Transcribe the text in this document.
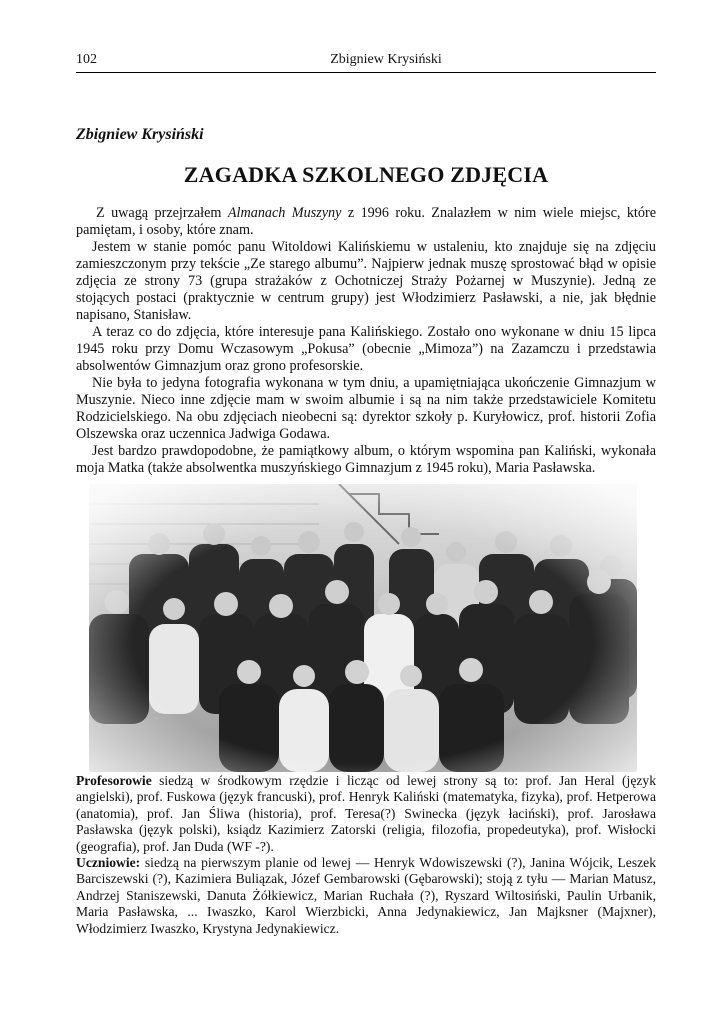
102	Zbigniew Krysiński
Zbigniew Krysiński
ZAGADKA SZKOLNEGO ZDJĘCIA

Z uwagą przejrzałem Almanach Muszyny z 1996 roku. Znalazłem w nim wiele miejsc, które pamiętam, i osoby, które znam.

Jestem w stanie pomóc panu Witoldowi Kalińskiemu w ustaleniu, kto znajduje się na zdjęciu zamieszczonym przy tekście „Ze starego albumu”. Najpierw jednak muszę sprostować błąd w opisie zdjęcia ze strony 73 (grupa strażaków z Ochotniczej Straży Pożarnej w Muszynie). Jedną ze stojących postaci (praktycznie w centrum grupy) jest Włodzimierz Pasławski, a nie, jak błędnie napisano, Stanisław.

A teraz co do zdjęcia, które interesuje pana Kalińskiego. Zostało ono wykonane w dniu 15 lipca 1945 roku przy Domu Wczasowym „Pokusa” (obecnie „Mimoza”) na Zazamczu i przedstawia absolwentów Gimnazjum oraz grono profesorskie.

Nie była to jedyna fotografia wykonana w tym dniu, a upamiętniająca ukończenie Gimnazjum w Muszynie. Nieco inne zdjęcie mam w swoim albumie i są na nim także przedstawiciele Komitetu Rodzicielskiego. Na obu zdjęciach nieobecni są: dyrektor szkoły p. Kuryłowicz, prof. historii Zofia Olszewska oraz uczennica Jadwiga Godawa.

Jest bardzo prawdopodobne, że pamiątkowy album, o którym wspomina pan Kaliński, wykonała moja Matka (także absolwentka muszyńskiego Gimnazjum z 1945 roku), Maria Pasławska.

Profesorowie siedzą w środkowym rzędzie i licząc od lewej strony są to: prof. Jan Heral (język angielski), prof. Fuskowa (język francuski), prof. Henryk Kaliński (matematyka, fizyka), prof. Hetperowa (anatomia), prof. Jan Śliwa (historia), prof. Teresa(?) Swinecka (język łaciński), prof. Jarosława Pasławska (język polski), ksiądz Kazimierz Zatorski (religia, filozofia, propedeutyka), prof. Wisłocki (geografia), prof. Jan Duda (WF -?).

Uczniowie: siedzą na pierwszym planie od lewej — Henryk Wdowiszewski (?), Janina Wójcik, Leszek Barciszewski (?), Kazimiera Buliązak, Józef Gembarowski (Gębarowski); stoją z tyłu — Marian Matusz, Andrzej Staniszewski, Danuta Żółkiewicz, Marian Ruchała (?), Ryszard Wiltosiński, Paulin Urbanik, Maria Pasławska, ... Iwaszko, Karol Wierzbicki, Anna Jedynakiewicz, Jan Majksner (Majxner), Włodzimierz Iwaszko, Krystyna Jedynakiewicz.
